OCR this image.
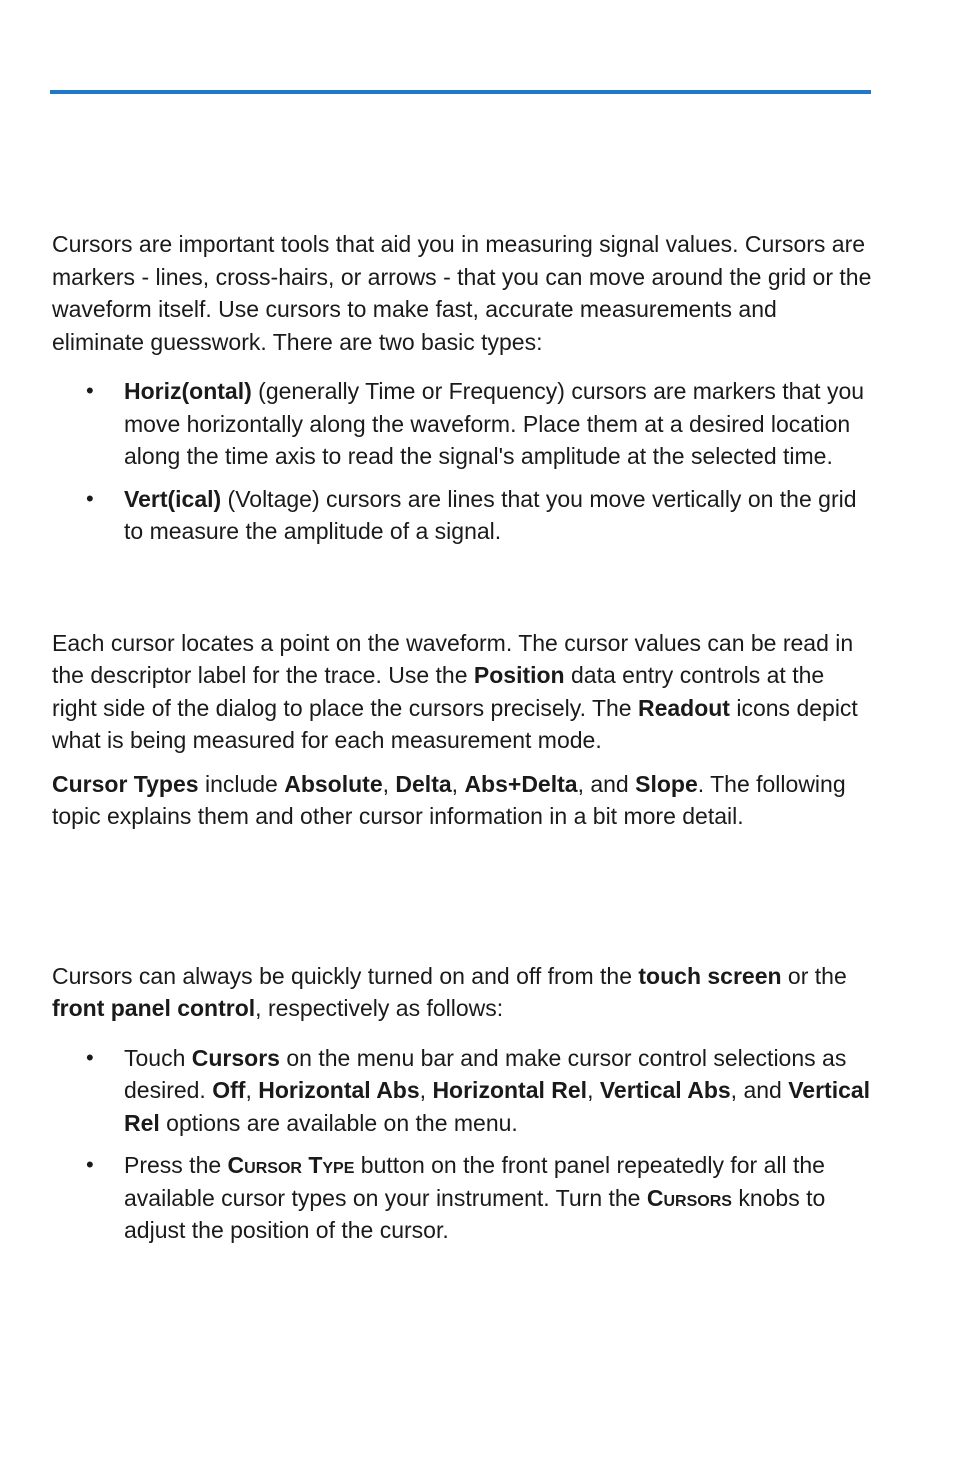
Cursors are important tools that aid you in measuring signal values. Cursors are markers - lines, cross-hairs, or arrows - that you can move around the grid or the waveform itself. Use cursors to make fast, accurate measurements and eliminate guesswork. There are two basic types:

• Horiz(ontal) (generally Time or Frequency) cursors are markers that you move horizontally along the waveform. Place them at a desired location along the time axis to read the signal's amplitude at the selected time.
• Vert(ical) (Voltage) cursors are lines that you move vertically on the grid to measure the amplitude of a signal.

Each cursor locates a point on the waveform. The cursor values can be read in the descriptor label for the trace. Use the Position data entry controls at the right side of the dialog to place the cursors precisely. The Readout icons depict what is being measured for each measurement mode.

Cursor Types include Absolute, Delta, Abs+Delta, and Slope. The following topic explains them and other cursor information in a bit more detail.

Cursors can always be quickly turned on and off from the touch screen or the front panel control, respectively as follows:

• Touch Cursors on the menu bar and make cursor control selections as desired. Off, Horizontal Abs, Horizontal Rel, Vertical Abs, and Vertical Rel options are available on the menu.
• Press the Cursor Type button on the front panel repeatedly for all the available cursor types on your instrument. Turn the Cursors knobs to adjust the position of the cursor.
